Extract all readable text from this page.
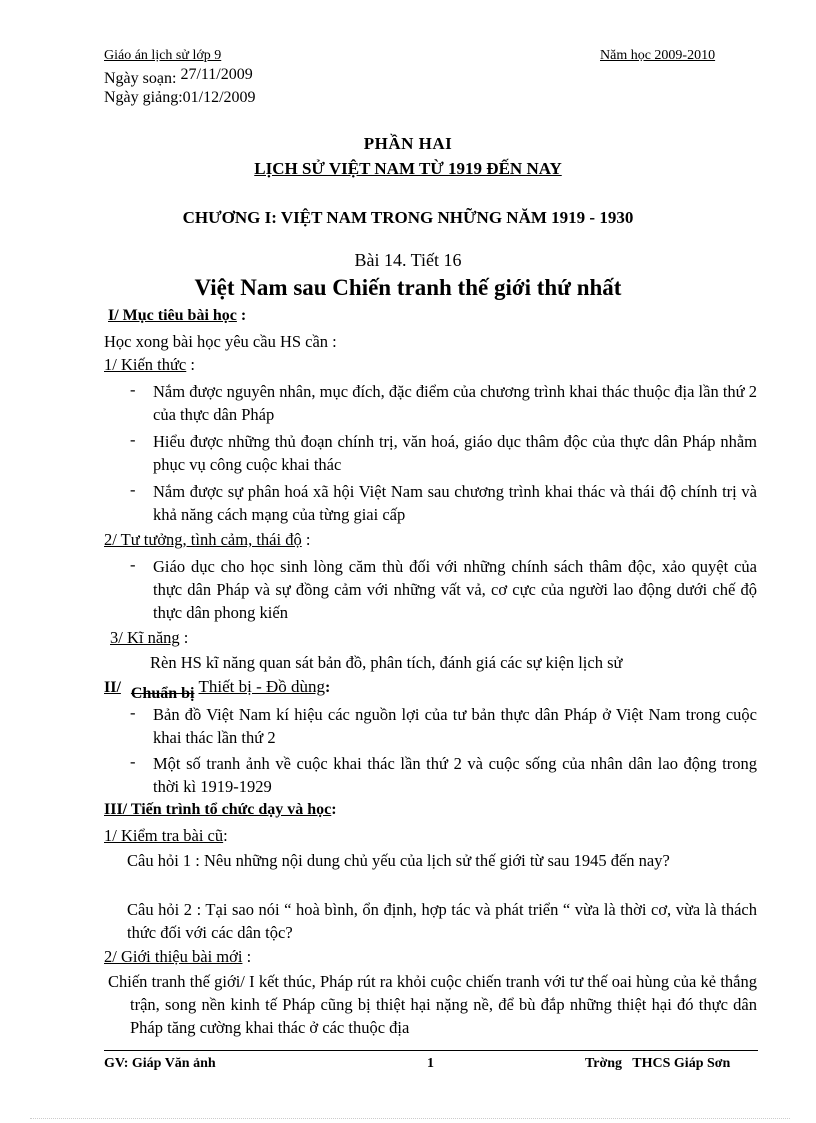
Giáo án lịch sử lớp 9	Năm học 2009-2010
Ngày soạn: 27/11/2009
Ngày giảng:01/12/2009
PHẦN HAI
LỊCH SỬ VIỆT NAM TỪ 1919 ĐẾN NAY
CHƯƠNG I: VIỆT NAM TRONG NHỮNG NĂM 1919 - 1930
Bài 14. Tiết 16
Việt Nam sau Chiến tranh thế giới thứ nhất
I/ Mục tiêu bài học :
Học xong bài học yêu cầu HS cần :
1/ Kiến thức :
- Nắm được nguyên nhân, mục đích, đặc điểm của chương trình khai thác thuộc địa lần thứ 2 của thực dân Pháp
- Hiểu được những thủ đoạn chính trị, văn hoá, giáo dục thâm độc của thực dân Pháp nhằm phục vụ công cuộc khai thác
- Nắm được sự phân hoá xã hội Việt Nam sau chương trình khai thác và thái độ chính trị và khả năng cách mạng của từng giai cấp
2/ Tư tưởng, tình cảm, thái độ :
- Giáo dục cho học sinh lòng căm thù đối với những chính sách thâm độc, xảo quyệt của thực dân Pháp và sự đồng cảm với những vất vả, cơ cực của người lao động dưới chế độ thực dân phong kiến
3/ Kĩ năng :
Rèn HS kĩ năng quan sát bản đồ, phân tích, đánh giá các sự kiện lịch sử
II/ Chuẩn bị Thiết bị - Đồ dùng:
- Bản đồ Việt Nam kí hiệu các nguồn lợi của tư bản thực dân Pháp ở Việt Nam trong cuộc khai thác lần thứ 2
- Một số tranh ảnh về cuộc khai thác lần thứ 2 và cuộc sống của nhân dân lao động trong thời kì 1919-1929
III/ Tiến trình tổ chức dạy và học:
1/ Kiểm tra bài cũ:
Câu hỏi 1 : Nêu những nội dung chủ yếu của lịch sử thế giới từ sau 1945 đến nay?
Câu hỏi 2 : Tại sao nói “ hoà bình, ổn định, hợp tác và phát triển “ vừa là thời cơ, vừa là thách thức đối với các dân tộc?
2/ Giới thiệu bài mới :
Chiến tranh thế giới/ I kết thúc, Pháp rút ra khỏi cuộc chiến tranh với tư thế oai hùng của kẻ thắng trận, song nền kinh tế Pháp cũng bị thiệt hại nặng nề, để bù đắp những thiệt hại đó thực dân Pháp tăng cường khai thác ở các thuộc địa
GV: Giáp Văn ảnh	1	Trờng   THCS Giáp Sơn
